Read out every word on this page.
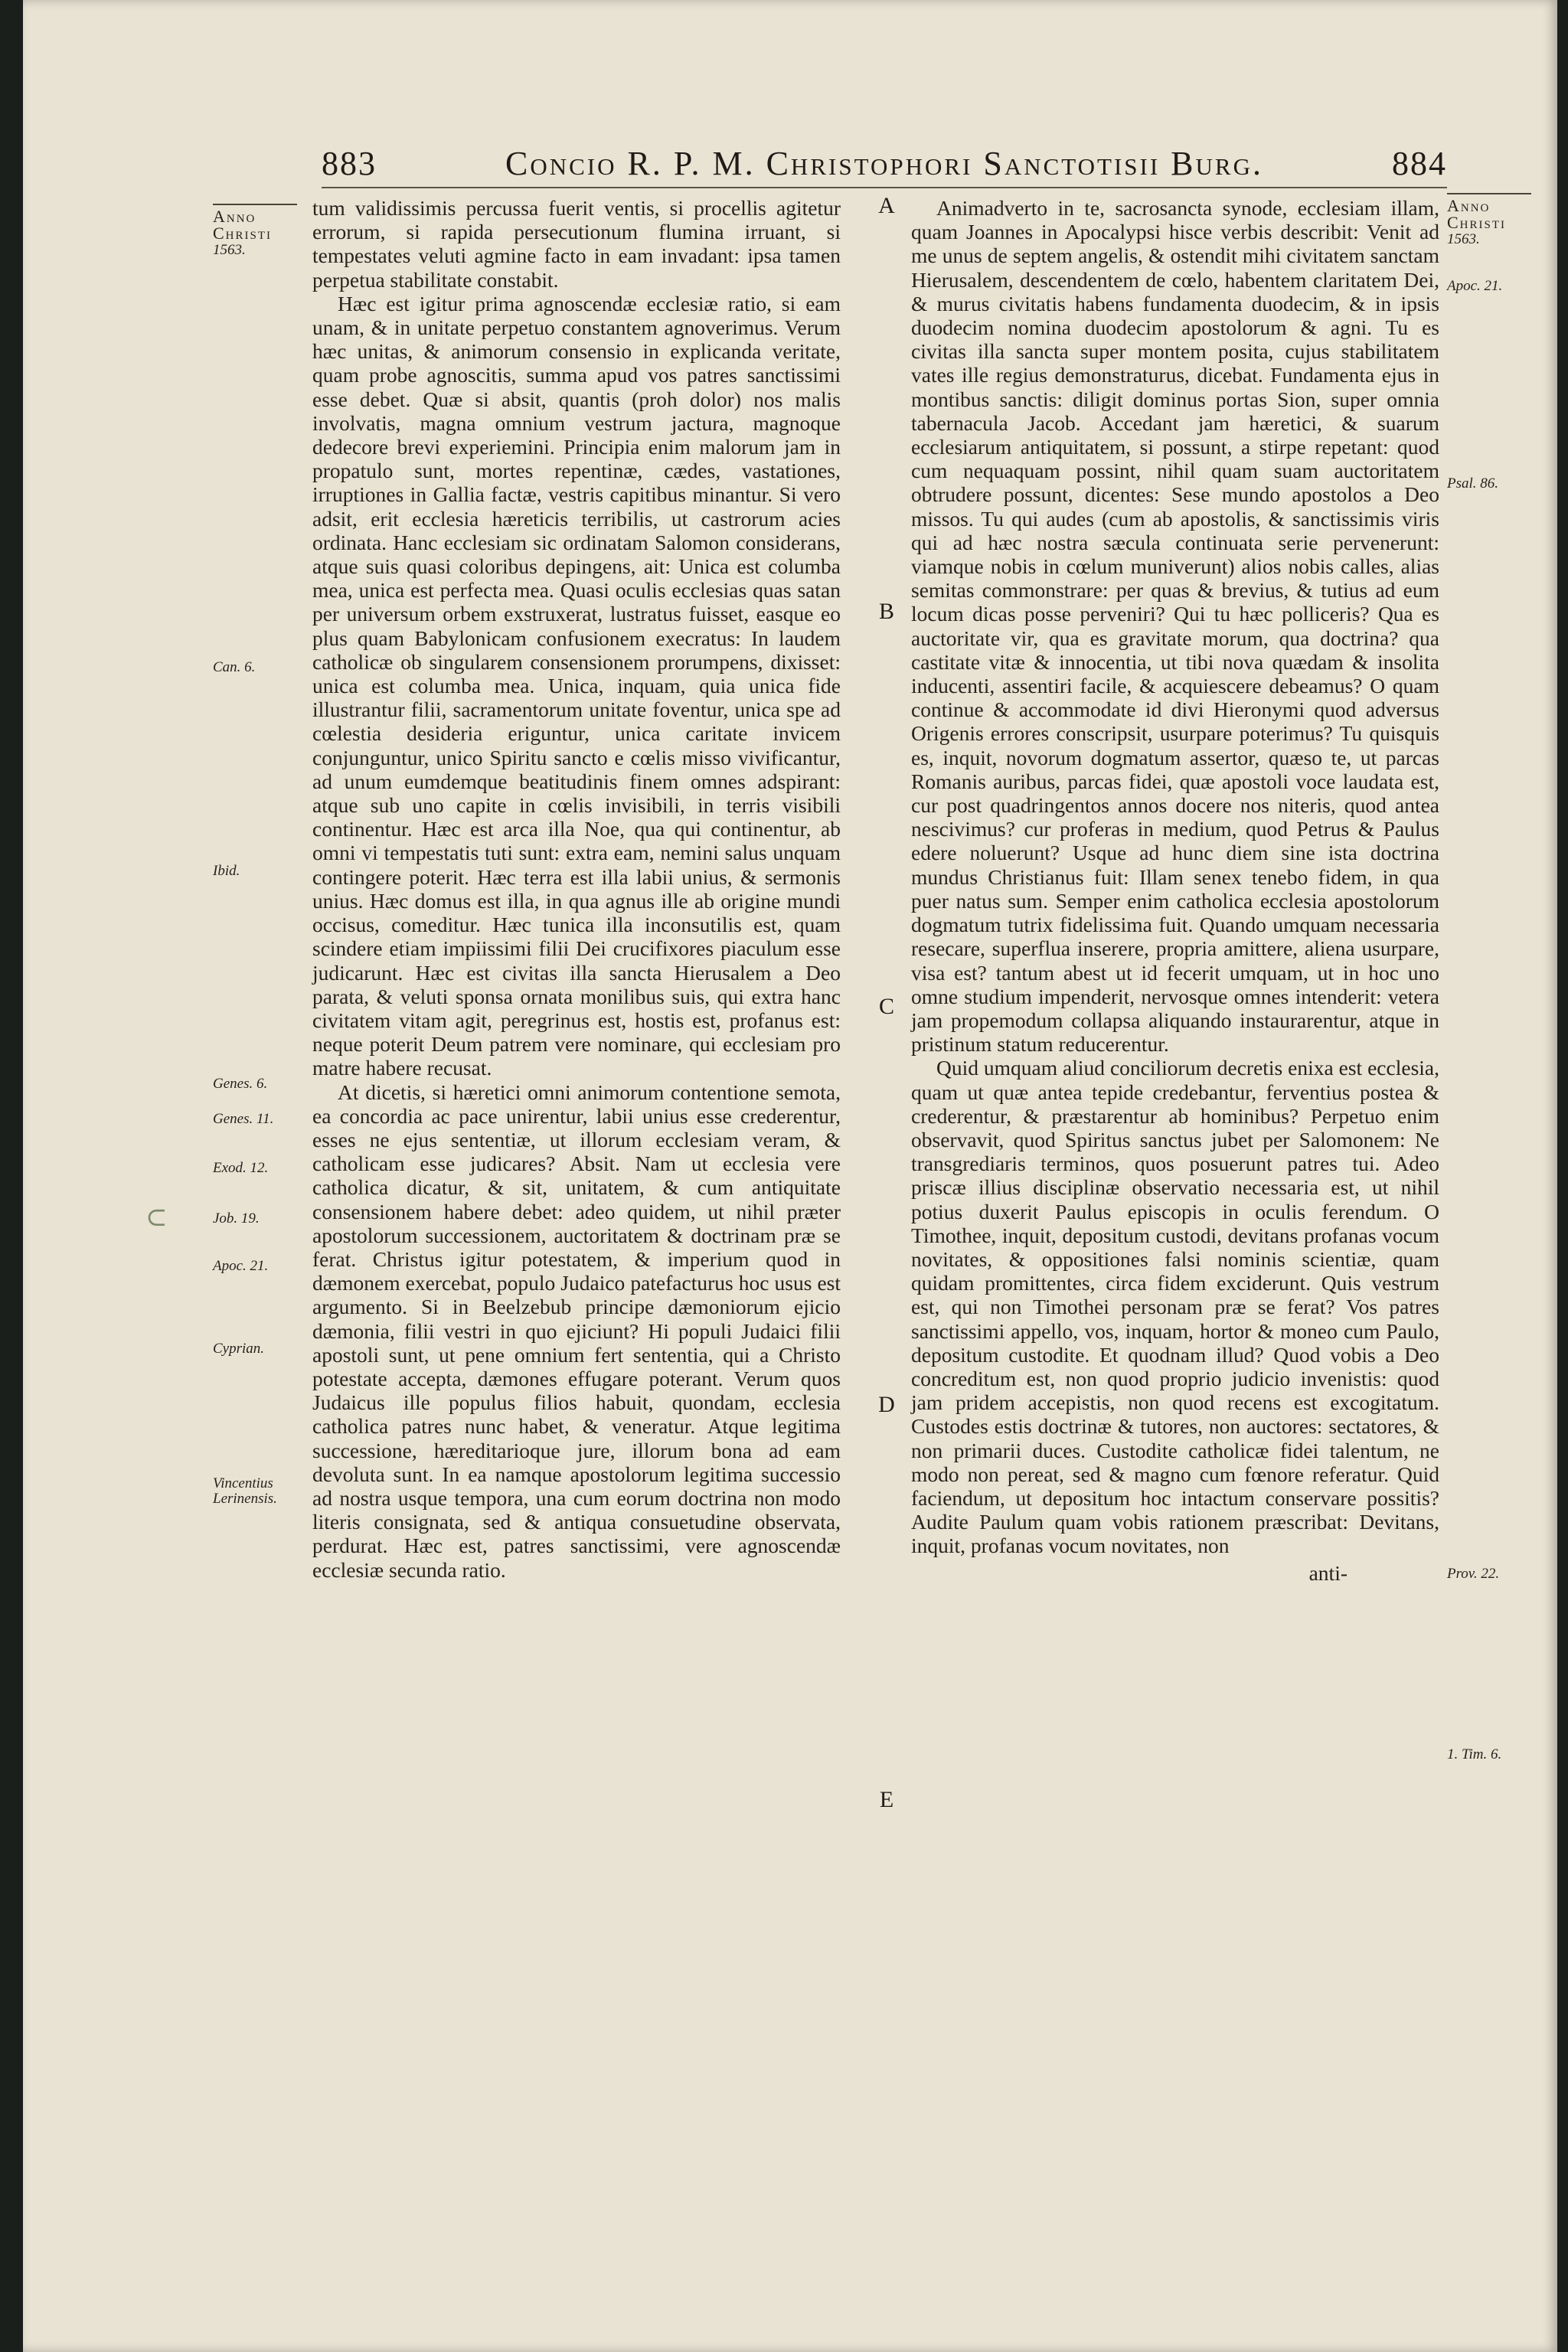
883	Concio R. P. M. Christophori Sanctotisii Burg.	884
Anno
Christi
1563.
Can. 6.
Ibid.
Genes. 6.
Genes. 11.
Exod. 12.
Job. 19.
Apoc. 21.
Cyprian.
Vincentius Lerinensis.
⊂
Anno
Christi
1563.
Apoc. 21.
Psal. 86.
Prov. 22.
1. Tim. 6.
A
B
C
D
E

tum validissimis percussa fuerit ventis, si procellis agitetur errorum, si rapida persecutionum flumina irruant, si tempestates veluti agmine facto in eam invadant: ipsa tamen perpetua stabilitate constabit.

Hæc est igitur prima agnoscendæ ecclesiæ ratio, si eam unam, & in unitate perpetuo constantem agnoverimus. Verum hæc unitas, & animorum consensio in explicanda veritate, quam probe agnoscitis, summa apud vos patres sanctissimi esse debet. Quæ si absit, quantis (proh dolor) nos malis involvatis, magna omnium vestrum jactura, magnoque dedecore brevi experiemini. Principia enim malorum jam in propatulo sunt, mortes repentinæ, cædes, vastationes, irruptiones in Gallia factæ, vestris capitibus minantur. Si vero adsit, erit ecclesia hæreticis terribilis, ut castrorum acies ordinata. Hanc ecclesiam sic ordinatam Salomon considerans, atque suis quasi coloribus depingens, ait: Unica est columba mea, unica est perfecta mea. Quasi oculis ecclesias quas satan per universum orbem exstruxerat, lustratus fuisset, easque eo plus quam Babylonicam confusionem execratus: In laudem catholicæ ob singularem consensionem prorumpens, dixisset: unica est columba mea. Unica, inquam, quia unica fide illustrantur filii, sacramentorum unitate foventur, unica spe ad cœlestia desideria eriguntur, unica caritate invicem conjunguntur, unico Spiritu sancto e cœlis misso vivificantur, ad unum eumdemque beatitudinis finem omnes adspirant: atque sub uno capite in cœlis invisibili, in terris visibili continentur. Hæc est arca illa Noe, qua qui continentur, ab omni vi tempestatis tuti sunt: extra eam, nemini salus unquam contingere poterit. Hæc terra est illa labii unius, & sermonis unius. Hæc domus est illa, in qua agnus ille ab origine mundi occisus, comeditur. Hæc tunica illa inconsutilis est, quam scindere etiam impiissimi filii Dei crucifixores piaculum esse judicarunt. Hæc est civitas illa sancta Hierusalem a Deo parata, & veluti sponsa ornata monilibus suis, qui extra hanc civitatem vitam agit, peregrinus est, hostis est, profanus est: neque poterit Deum patrem vere nominare, qui ecclesiam pro matre habere recusat.

At dicetis, si hæretici omni animorum contentione semota, ea concordia ac pace unirentur, labii unius esse crederentur, esses ne ejus sententiæ, ut illorum ecclesiam veram, & catholicam esse judicares? Absit. Nam ut ecclesia vere catholica dicatur, & sit, unitatem, & cum antiquitate consensionem habere debet: adeo quidem, ut nihil præter apostolorum successionem, auctoritatem & doctrinam præ se ferat. Christus igitur potestatem, & imperium quod in dæmonem exercebat, populo Judaico patefacturus hoc usus est argumento. Si in Beelzebub principe dæmoniorum ejicio dæmonia, filii vestri in quo ejiciunt? Hi populi Judaici filii apostoli sunt, ut pene omnium fert sententia, qui a Christo potestate accepta, dæmones effugare poterant. Verum quos Judaicus ille populus filios habuit, quondam, ecclesia catholica patres nunc habet, & veneratur. Atque legitima successione, hæreditarioque jure, illorum bona ad eam devoluta sunt. In ea namque apostolorum legitima successio ad nostra usque tempora, una cum eorum doctrina non modo literis consignata, sed & antiqua consuetudine observata, perdurat. Hæc est, patres sanctissimi, vere agnoscendæ ecclesiæ secunda ratio.

Animadverto in te, sacrosancta synode, ecclesiam illam, quam Joannes in Apocalypsi hisce verbis describit: Venit ad me unus de septem angelis, & ostendit mihi civitatem sanctam Hierusalem, descendentem de cœlo, habentem claritatem Dei, & murus civitatis habens fundamenta duodecim, & in ipsis duodecim nomina duodecim apostolorum & agni. Tu es civitas illa sancta super montem posita, cujus stabilitatem vates ille regius demonstraturus, dicebat. Fundamenta ejus in montibus sanctis: diligit dominus portas Sion, super omnia tabernacula Jacob. Accedant jam hæretici, & suarum ecclesiarum antiquitatem, si possunt, a stirpe repetant: quod cum nequaquam possint, nihil quam suam auctoritatem obtrudere possunt, dicentes: Sese mundo apostolos a Deo missos. Tu qui audes (cum ab apostolis, & sanctissimis viris qui ad hæc nostra sæcula continuata serie pervenerunt: viamque nobis in cœlum muniverunt) alios nobis calles, alias semitas commonstrare: per quas & brevius, & tutius ad eum locum dicas posse perveniri? Qui tu hæc polliceris? Qua es auctoritate vir, qua es gravitate morum, qua doctrina? qua castitate vitæ & innocentia, ut tibi nova quædam & insolita inducenti, assentiri facile, & acquiescere debeamus? O quam continue & accommodate id divi Hieronymi quod adversus Origenis errores conscripsit, usurpare poterimus? Tu quisquis es, inquit, novorum dogmatum assertor, quæso te, ut parcas Romanis auribus, parcas fidei, quæ apostoli voce laudata est, cur post quadringentos annos docere nos niteris, quod antea nescivimus? cur proferas in medium, quod Petrus & Paulus edere noluerunt? Usque ad hunc diem sine ista doctrina mundus Christianus fuit: Illam senex tenebo fidem, in qua puer natus sum. Semper enim catholica ecclesia apostolorum dogmatum tutrix fidelissima fuit. Quando umquam necessaria resecare, superflua inserere, propria amittere, aliena usurpare, visa est? tantum abest ut id fecerit umquam, ut in hoc uno omne studium impenderit, nervosque omnes intenderit: vetera jam propemodum collapsa aliquando instaurarentur, atque in pristinum statum reducerentur.

Quid umquam aliud conciliorum decretis enixa est ecclesia, quam ut quæ antea tepide credebantur, ferventius postea & crederentur, & præstarentur ab hominibus? Perpetuo enim observavit, quod Spiritus sanctus jubet per Salomonem: Ne transgrediaris terminos, quos posuerunt patres tui. Adeo priscæ illius disciplinæ observatio necessaria est, ut nihil potius duxerit Paulus episcopis in oculis ferendum. O Timothee, inquit, depositum custodi, devitans profanas vocum novitates, & oppositiones falsi nominis scientiæ, quam quidam promittentes, circa fidem exciderunt. Quis vestrum est, qui non Timothei personam præ se ferat? Vos patres sanctissimi appello, vos, inquam, hortor & moneo cum Paulo, depositum custodite. Et quodnam illud? Quod vobis a Deo concreditum est, non quod proprio judicio invenistis: quod jam pridem accepistis, non quod recens est excogitatum. Custodes estis doctrinæ & tutores, non auctores: sectatores, & non primarii duces. Custodite catholicæ fidei talentum, ne modo non pereat, sed & magno cum fœnore referatur. Quid faciendum, ut depositum hoc intactum conservare possitis? Audite Paulum quam vobis rationem præscribat: Devitans, inquit, profanas vocum novitates, non

anti-
